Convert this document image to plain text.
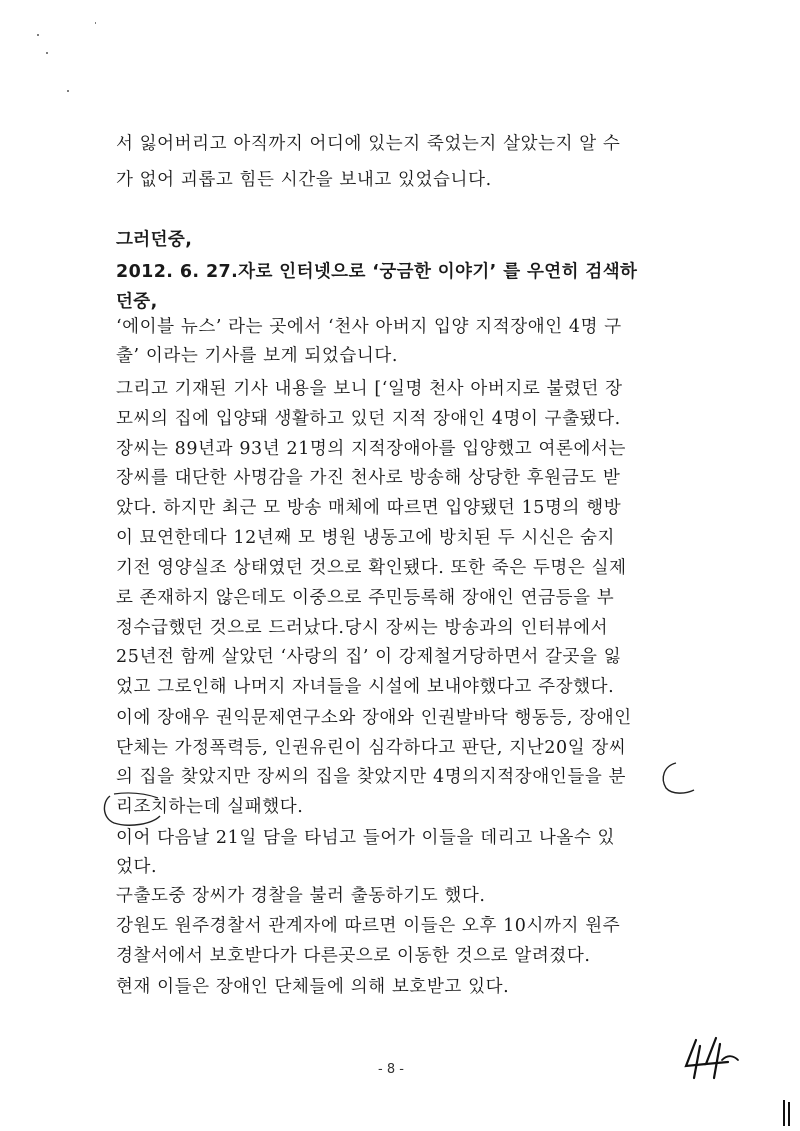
서 잃어버리고 아직까지 어디에 있는지 죽었는지 살았는지 알 수
가 없어 괴롭고 힘든 시간을 보내고 있었습니다.
그러던중,
2012. 6. 27.자로 인터넷으로 ‘궁금한 이야기’ 를 우연히 검색하
던중,
‘에이블 뉴스’ 라는 곳에서 ‘천사 아버지 입양 지적장애인 4명 구
출’ 이라는 기사를 보게 되었습니다.
그리고 기재된 기사 내용을 보니 [‘일명 천사 아버지로 불렸던 장
모씨의 집에 입양돼 생활하고 있던 지적 장애인 4명이 구출됐다.
장씨는 89년과 93년 21명의 지적장애아를 입양했고 여론에서는
장씨를 대단한 사명감을 가진 천사로 방송해 상당한 후원금도 받
았다. 하지만 최근 모 방송 매체에 따르면 입양됐던 15명의 행방
이 묘연한데다 12년째 모 병원 냉동고에 방치된 두 시신은 숨지
기전 영양실조 상태였던 것으로 확인됐다. 또한 죽은 두명은 실제
로 존재하지 않은데도 이중으로 주민등록해 장애인 연금등을 부
정수급했던 것으로 드러났다.당시 장씨는 방송과의 인터뷰에서
25년전 함께 살았던 ‘사랑의 집’ 이 강제철거당하면서 갈곳을 잃
었고 그로인해 나머지 자녀들을 시설에 보내야했다고 주장했다.
이에 장애우 권익문제연구소와 장애와 인권발바닥 행동등, 장애인
단체는 가정폭력등, 인권유린이 심각하다고 판단, 지난20일 장씨
의 집을 찾았지만 장씨의 집을 찾았지만 4명의지적장애인들을 분
리조치하는데 실패했다.
이어 다음날 21일 담을 타넘고 들어가 이들을 데리고 나올수 있
었다.
구출도중 장씨가 경찰을 불러 출동하기도 했다.
강원도 원주경찰서 관계자에 따르면 이들은 오후 10시까지 원주
경찰서에서 보호받다가 다른곳으로 이동한 것으로 알려졌다.
현재 이들은 장애인 단체들에 의해 보호받고 있다.
- 8 -
